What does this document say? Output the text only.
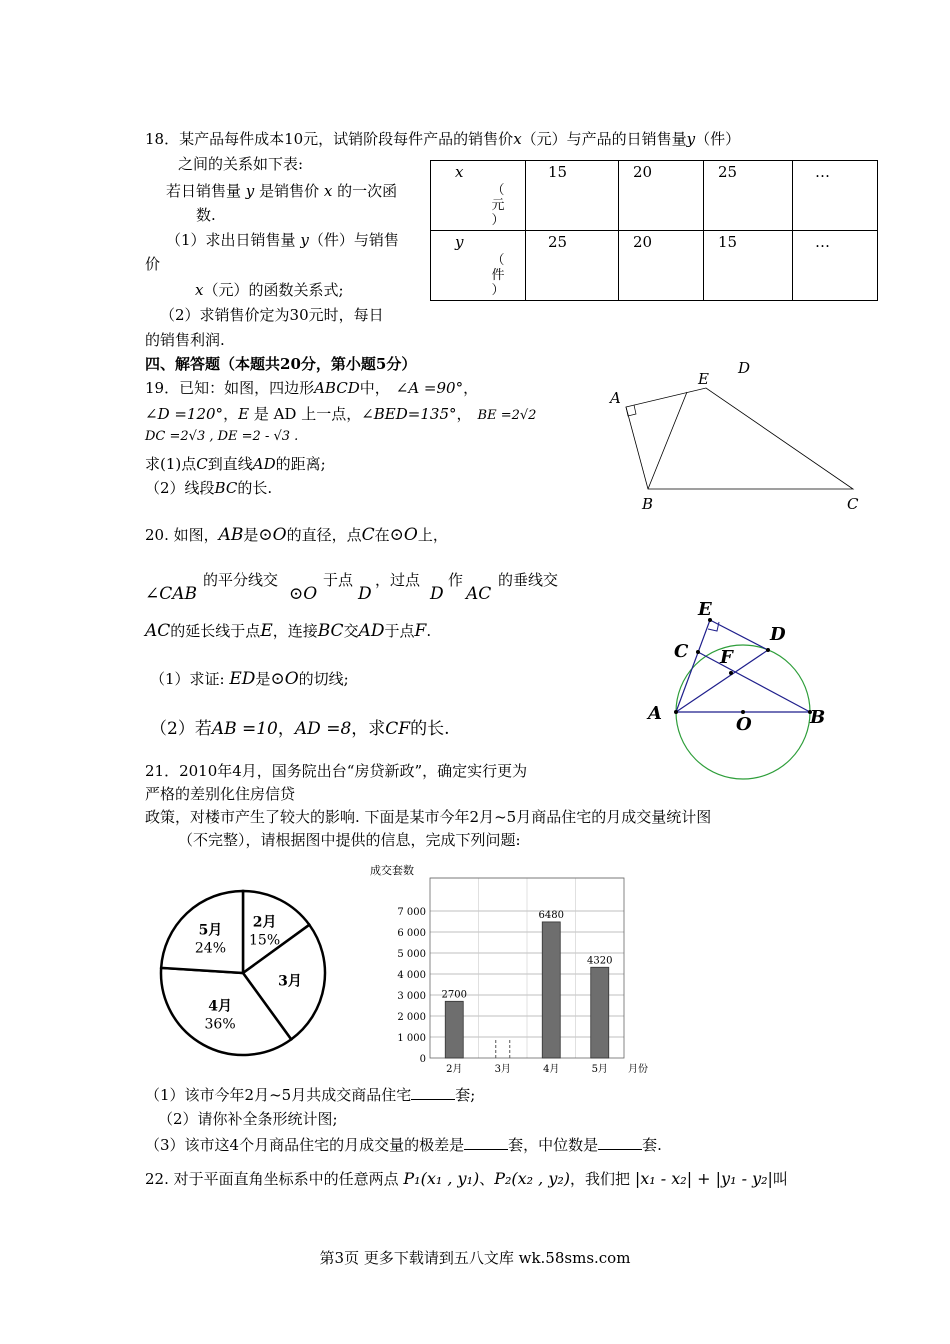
18．某产品每件成本10元，试销阶段每件产品的销售价x（元）与产品的日销售量y（件）
之间的关系如下表:
若日销售量 y 是销售价 x 的一次函
数.
（1）求出日销售量 y（件）与销售
价
x（元）的函数关系式;
（2）求销售价定为30元时，每日
的销售利润.
x
（
元
）	15	20	25	…

y
（
件
）	25	20	15	…
四、解答题（本题共20分，第小题5分）
19．已知：如图，四边形ABCD中， ∠A =90°，
∠D =120°，E 是 AD 上一点，∠BED=135°， BE =2√2
DC =2√3 , DE =2 - √3 .
求(1)点C到直线AD的距离;
（2）线段BC的长.
A
E
D
B	C
20. 如图，AB是⊙O的直径，点C在⊙O上，
的平分线交	于点 ，过点 作 的垂线交
∠CAB	⊙O D	D AC
AC的延长线于点E，连接BC交AD于点F.
（1）求证: ED是⊙O的切线;
（2）若AB =10，AD =8，求CF的长.
A
O	B
C
D
E
F
21．2010年4月，国务院出台“房贷新政”，确定实行更为
严格的差别化住房信贷
政策，对楼市产生了较大的影响. 下面是某市今年2月~5月商品住宅的月成交量统计图
（不完整），请根据图中提供的信息，完成下列问题:
2月
15%
3月
4月
36%
5月
24%
成交套数
0
1 000
2 000
3 000
4 000
5 000
6 000
7 000
2700
2月	3月
6480
4月
4320
5月 月份
（1）该市今年2月~5月共成交商品住宅	套;
（2）请你补全条形统计图;
（3）该市这4个月商品住宅的月成交量的极差是	套，中位数是	套.
22. 对于平面直角坐标系中的任意两点 P₁(x₁ , y₁)、P₂(x₂ , y₂)，我们把 |x₁ - x₂| + |y₁ - y₂|叫
第3页 更多下载请到五八文库 wk.58sms.com
